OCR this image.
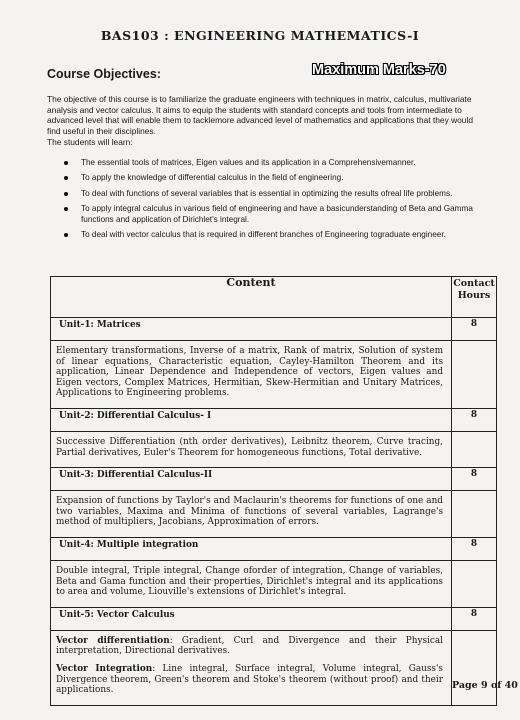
BAS103 : ENGINEERING MATHEMATICS-I
Course Objectives:	Maximum Marks-70
The objective of this course is to familiarize the graduate engineers with techniques in matrix, calculus, multivariate analysis and vector calculus. It aims to equip the students with standard concepts and tools from intermediate to advanced level that will enable them to tacklemore advanced level of mathematics and applications that they would find useful in their disciplines.
The students will learn:
The essential tools of matrices, Eigen values and its application in a Comprehensivemanner.
To apply the knowledge of differential calculus in the field of engineering.
To deal with functions of several variables that is essential in optimizing the results ofreal life problems.
To apply integral calculus in various field of engineering and have a basicunderstanding of Beta and Gamma functions and application of Dirichlet's integral.
To deal with vector calculus that is required in different branches of Engineering tograduate engineer.
Content	Contact Hours
Unit-1: Matrices	8
Elementary transformations, Inverse of a matrix, Rank of matrix, Solution of system of linear equations, Characteristic equation, Cayley-Hamilton Theorem and its application, Linear Dependence and Independence of vectors, Eigen values and Eigen vectors, Complex Matrices, Hermitian, Skew-Hermitian and Unitary Matrices, Applications to Engineering problems.	
Unit-2: Differential Calculus- I	8
Successive Differentiation (nth order derivatives), Leibnitz theorem, Curve tracing, Partial derivatives, Euler's Theorem for homogeneous functions, Total derivative.	
Unit-3: Differential Calculus-II	8
Expansion of functions by Taylor's and Maclaurin's theorems for functions of one and two variables, Maxima and Minima of functions of several variables, Lagrange's method of multipliers, Jacobians, Approximation of errors.	
Unit-4: Multiple integration	8
Double integral, Triple integral, Change oforder of integration, Change of variables, Beta and Gama function and their properties, Dirichlet's integral and its applications to area and volume, Liouville's extensions of Dirichlet's integral.	
Unit-5: Vector Calculus	8

Vector differentiation: Gradient, Curl and Divergence and their Physical interpretation, Directional derivatives.
Vector Integration: Line integral, Surface integral, Volume integral, Gauss's Divergence theorem, Green's theorem and Stoke's theorem (without proof) and their applications.	
		Page 9 of 40
